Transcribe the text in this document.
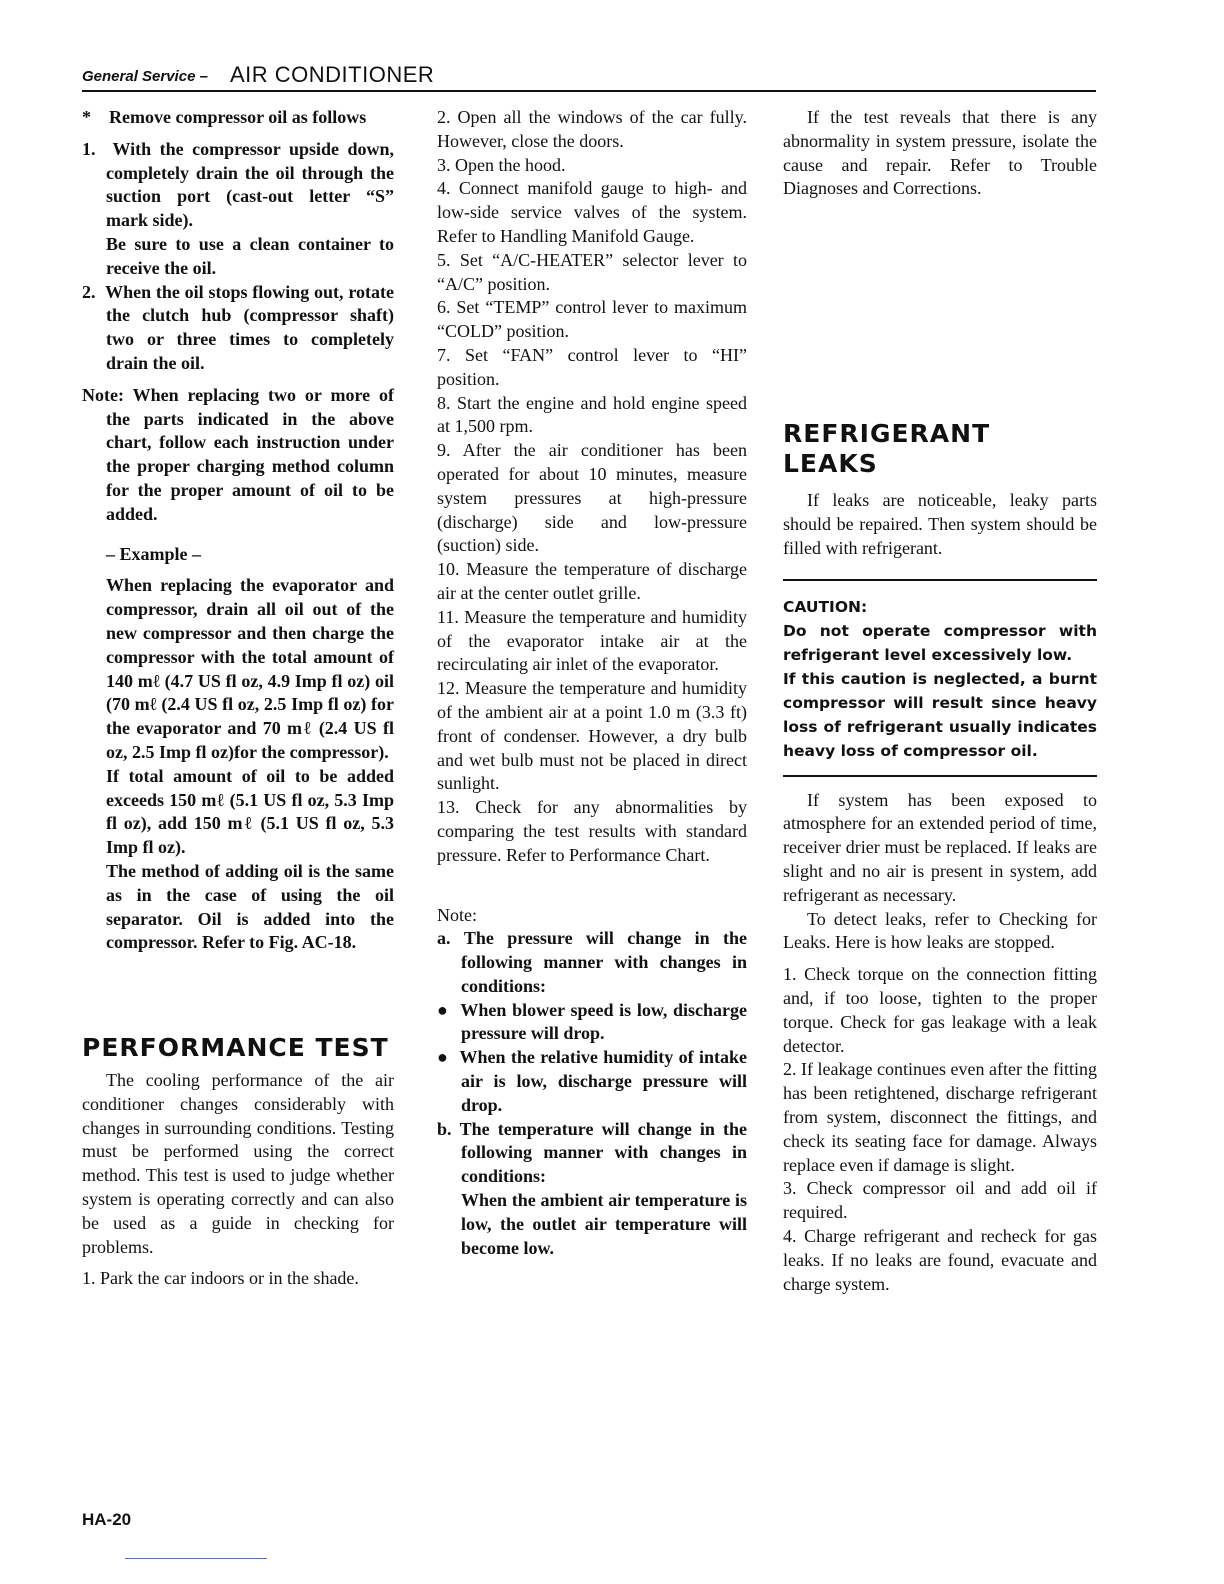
General Service – AIR CONDITIONER

*    Remove compressor oil as follows

1.  With the compressor upside down, completely drain the oil through the suction port (cast-out letter “S” mark side).

Be sure to use a clean container to receive the oil.

2.  When the oil stops flowing out, rotate the clutch hub (compressor shaft) two or three times to completely drain the oil.

Note: When replacing two or more of the parts indicated in the above chart, follow each instruction under the proper charging method column for the proper amount of oil to be added.

– Example –

When replacing the evaporator and compressor, drain all oil out of the new compressor and then charge the compressor with the total amount of 140 mℓ (4.7 US fl oz, 4.9 Imp fl oz) oil (70 mℓ (2.4 US fl oz, 2.5 Imp fl oz) for the evaporator and 70 mℓ (2.4 US fl oz, 2.5 Imp fl oz)for the compressor).

If total amount of oil to be added exceeds 150 mℓ (5.1 US fl oz, 5.3 Imp fl oz), add 150 mℓ (5.1 US fl oz, 5.3 Imp fl oz).

The method of adding oil is the same as in the case of using the oil separator. Oil is added into the compressor. Refer to Fig. AC-18.

PERFORMANCE TEST

The cooling performance of the air conditioner changes considerably with changes in surrounding conditions. Testing must be performed using the correct method. This test is used to judge whether system is operating correctly and can also be used as a guide in checking for problems.

1. Park the car indoors or in the shade.

2. Open all the windows of the car fully. However, close the doors.

3. Open the hood.

4. Connect manifold gauge to high- and low-side service valves of the system. Refer to Handling Manifold Gauge.

5. Set “A/C-HEATER” selector lever to “A/C” position.

6. Set “TEMP” control lever to maximum “COLD” position.

7. Set “FAN” control lever to “HI” position.

8. Start the engine and hold engine speed at 1,500 rpm.

9. After the air conditioner has been operated for about 10 minutes, measure system pressures at high-pressure (discharge) side and low-pressure (suction) side.

10. Measure the temperature of discharge air at the center outlet grille.

11. Measure the temperature and humidity of the evaporator intake air at the recirculating air inlet of the evaporator.

12. Measure the temperature and humidity of the ambient air at a point 1.0 m (3.3 ft) front of condenser. However, a dry bulb and wet bulb must not be placed in direct sunlight.

13. Check for any abnormalities by comparing the test results with standard pressure. Refer to Performance Chart.

Note:

a. The pressure will change in the following manner with changes in conditions:

●  When blower speed is low, discharge pressure will drop.

●  When the relative humidity of intake air is low, discharge pressure will drop.

b. The temperature will change in the following manner with changes in conditions:

When the ambient air temperature is low, the outlet air temperature will become low.

If the test reveals that there is any abnormality in system pressure, isolate the cause and repair. Refer to Trouble Diagnoses and Corrections.

REFRIGERANT
LEAKS

If leaks are noticeable, leaky parts should be repaired. Then system should be filled with refrigerant.

CAUTION:

Do not operate compressor with refrigerant level excessively low.

If this caution is neglected, a burnt compressor will result since heavy loss of refrigerant usually indicates heavy loss of compressor oil.

If system has been exposed to atmosphere for an extended period of time, receiver drier must be replaced. If leaks are slight and no air is present in system, add refrigerant as necessary.

To detect leaks, refer to Checking for Leaks. Here is how leaks are stopped.

1. Check torque on the connection fitting and, if too loose, tighten to the proper torque. Check for gas leakage with a leak detector.

2. If leakage continues even after the fitting has been retightened, discharge refrigerant from system, disconnect the fittings, and check its seating face for damage. Always replace even if damage is slight.

3. Check compressor oil and add oil if required.

4. Charge refrigerant and recheck for gas leaks. If no leaks are found, evacuate and charge system.

HA-20
